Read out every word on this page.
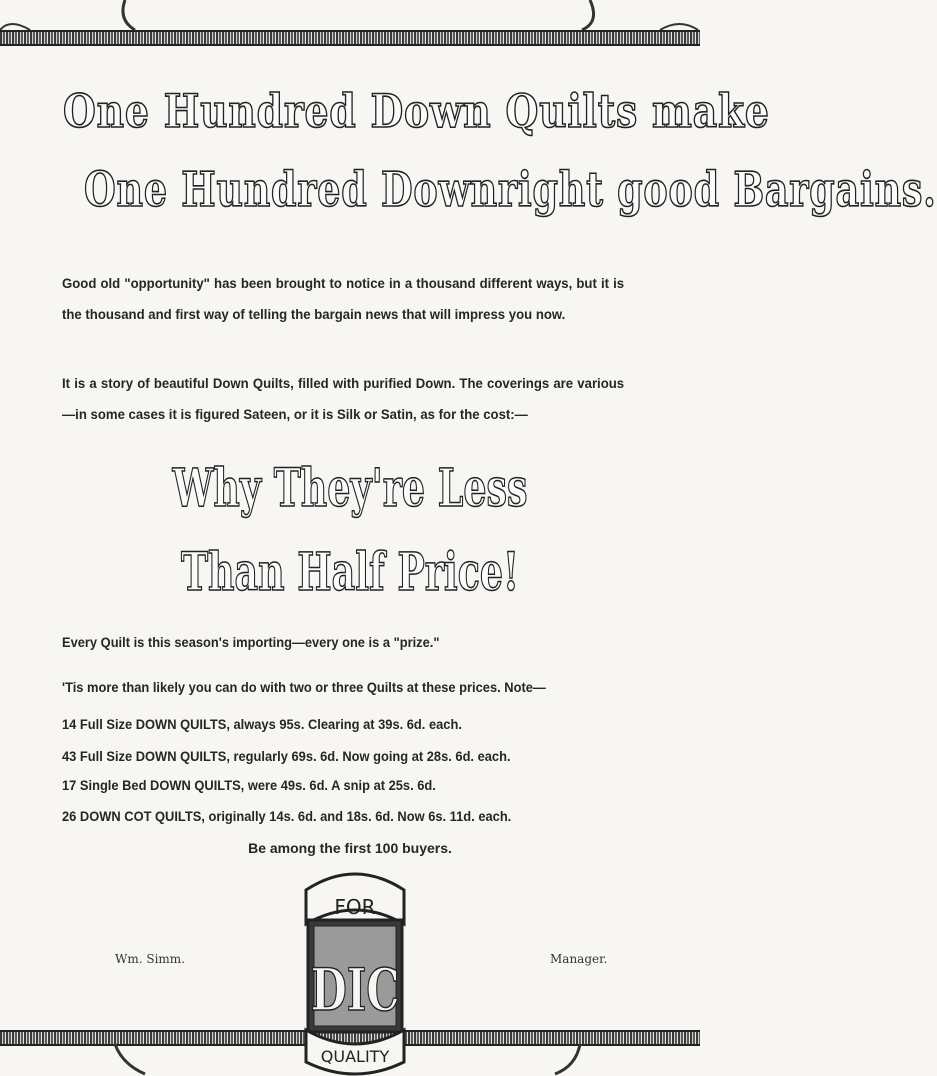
One Hundred Down Quilts make
One Hundred Downright good Bargains.
Good old "opportunity" has been brought to notice in a thousand different ways, but it is the thousand and first way of telling the bargain news that will impress you now.
It is a story of beautiful Down Quilts, filled with purified Down. The coverings are various—in some cases it is figured Sateen, or it is Silk or Satin, as for the cost:—
Why They're Less
Than Half Price!
Every Quilt is this season's importing—every one is a "prize."
'Tis more than likely you can do with two or three Quilts at these prices. Note—
14 Full Size DOWN QUILTS, always 95s. Clearing at 39s. 6d. each.
43 Full Size DOWN QUILTS, regularly 69s. 6d. Now going at 28s. 6d. each.
17 Single Bed DOWN QUILTS, were 49s. 6d. A snip at 25s. 6d.
26 DOWN COT QUILTS, originally 14s. 6d. and 18s. 6d. Now 6s. 11d. each.
Be among the first 100 buyers.
Wm. Simm.	Manager.
FOR
DIC
QUALITY
